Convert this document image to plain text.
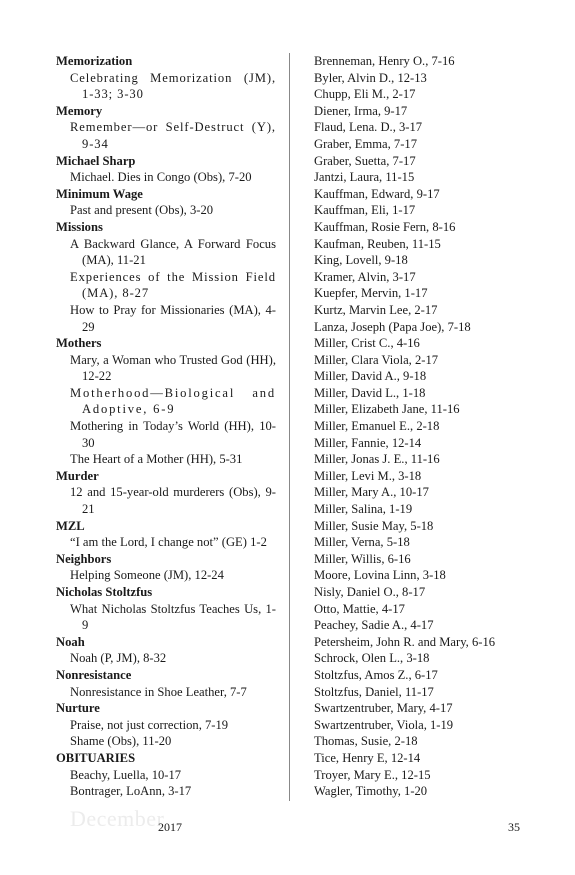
Memorization
Celebrating Memorization (JM), 1-33; 3-30
Memory
Remember—or Self-Destruct (Y), 9-34
Michael Sharp
Michael. Dies in Congo (Obs), 7-20
Minimum Wage
Past and present (Obs), 3-20
Missions
A Backward Glance, A Forward Focus (MA), 11-21
Experiences of the Mission Field (MA), 8-27
How to Pray for Missionaries (MA), 4-29
Mothers
Mary, a Woman who Trusted God (HH), 12-22
Motherhood—Biological and Adoptive, 6-9
Mothering in Today’s World (HH), 10-30
The Heart of a Mother (HH), 5-31
Murder
12 and 15-year-old murderers (Obs), 9-21
MZL
“I am the Lord, I change not” (GE) 1-2
Neighbors
Helping Someone (JM), 12-24
Nicholas Stoltzfus
What Nicholas Stoltzfus Teaches Us, 1-9
Noah
Noah (P, JM), 8-32
Nonresistance
Nonresistance in Shoe Leather, 7-7
Nurture
Praise, not just correction, 7-19
Shame (Obs), 11-20
OBITUARIES
Beachy, Luella, 10-17
Bontrager, LoAnn, 3-17
Brenneman, Henry O., 7-16
Byler, Alvin D., 12-13
Chupp, Eli M., 2-17
Diener, Irma, 9-17
Flaud, Lena. D., 3-17
Graber, Emma, 7-17
Graber, Suetta, 7-17
Jantzi, Laura, 11-15
Kauffman, Edward, 9-17
Kauffman, Eli, 1-17
Kauffman, Rosie Fern, 8-16
Kaufman, Reuben, 11-15
King, Lovell, 9-18
Kramer, Alvin, 3-17
Kuepfer, Mervin, 1-17
Kurtz, Marvin Lee, 2-17
Lanza, Joseph (Papa Joe), 7-18
Miller, Crist C., 4-16
Miller, Clara Viola, 2-17
Miller, David A., 9-18
Miller, David L., 1-18
Miller, Elizabeth Jane, 11-16
Miller, Emanuel E., 2-18
Miller, Fannie, 12-14
Miller, Jonas J. E., 11-16
Miller, Levi M., 3-18
Miller, Mary A., 10-17
Miller, Salina, 1-19
Miller, Susie May, 5-18
Miller, Verna, 5-18
Miller, Willis, 6-16
Moore, Lovina Linn, 3-18
Nisly, Daniel O., 8-17
Otto, Mattie, 4-17
Peachey, Sadie A., 4-17
Petersheim, John R. and Mary, 6-16
Schrock, Olen L., 3-18
Stoltzfus, Amos Z., 6-17
Stoltzfus, Daniel, 11-17
Swartzentruber, Mary, 4-17
Swartzentruber, Viola, 1-19
Thomas, Susie, 2-18
Tice, Henry E, 12-14
Troyer, Mary E., 12-15
Wagler, Timothy, 1-20
December
2017	35
